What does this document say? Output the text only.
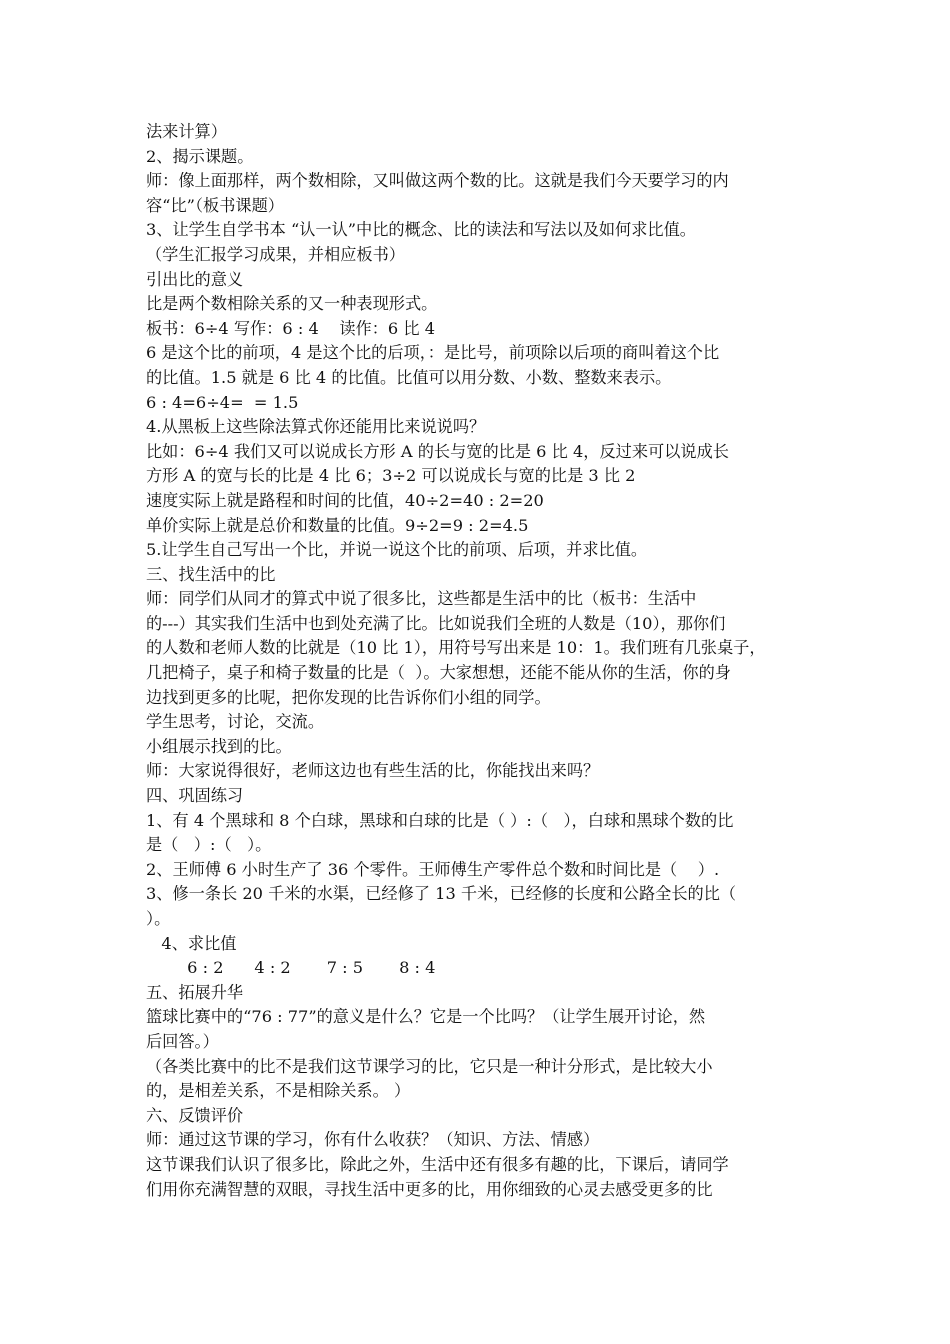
法来计算）
2、揭示课题。
师：像上面那样，两个数相除，又叫做这两个数的比。这就是我们今天要学习的内
容“比”（板书课题）
3、让学生自学书本 “认一认”中比的概念、比的读法和写法以及如何求比值。
（学生汇报学习成果，并相应板书）
引出比的意义
比是两个数相除关系的又一种表现形式。
板书：6÷4 写作：6 : 4    读作：6 比 4
6 是这个比的前项，4 是这个比的后项，：是比号，前项除以后项的商叫着这个比
的比值。1.5 就是 6 比 4 的比值。比值可以用分数、小数、整数来表示。
6 : 4=6÷4=  = 1.5
4.从黑板上这些除法算式你还能用比来说说吗？
比如：6÷4 我们又可以说成长方形 A 的长与宽的比是 6 比 4，反过来可以说成长
方形 A 的宽与长的比是 4 比 6；3÷2 可以说成长与宽的比是 3 比 2
速度实际上就是路程和时间的比值，40÷2=40 : 2=20
单价实际上就是总价和数量的比值。9÷2=9 : 2=4.5
5.让学生自己写出一个比，并说一说这个比的前项、后项，并求比值。
三、找生活中的比
师：同学们从同才的算式中说了很多比，这些都是生活中的比（板书：生活中
的---）其实我们生活中也到处充满了比。比如说我们全班的人数是（10），那你们
的人数和老师人数的比就是（10 比 1），用符号写出来是 10：1。我们班有几张桌子，
几把椅子，桌子和椅子数量的比是（  ）。大家想想，还能不能从你的生活，你的身
边找到更多的比呢，把你发现的比告诉你们小组的同学。
学生思考，讨论，交流。
小组展示找到的比。
师：大家说得很好，老师这边也有些生活的比，你能找出来吗？
四、巩固练习
1、有 4 个黑球和 8 个白球，黑球和白球的比是（ ）:（   ），白球和黑球个数的比
是（   ）:（   ）。
2、王师傅 6 小时生产了 36 个零件。王师傅生产零件总个数和时间比是（    ）.
3、修一条长 20 千米的水渠，已经修了 13 千米，已经修的长度和公路全长的比（
）。
4、求比值
6 : 2      4 : 2       7 : 5       8 : 4
五、拓展升华
篮球比赛中的“76 : 77”的意义是什么？它是一个比吗？（让学生展开讨论，然
后回答。）
（各类比赛中的比不是我们这节课学习的比，它只是一种计分形式，是比较大小
的，是相差关系，不是相除关系。 ）
六、反馈评价
师：通过这节课的学习，你有什么收获？（知识、方法、情感）
这节课我们认识了很多比，除此之外，生活中还有很多有趣的比，下课后，请同学
们用你充满智慧的双眼，寻找生活中更多的比，用你细致的心灵去感受更多的比
